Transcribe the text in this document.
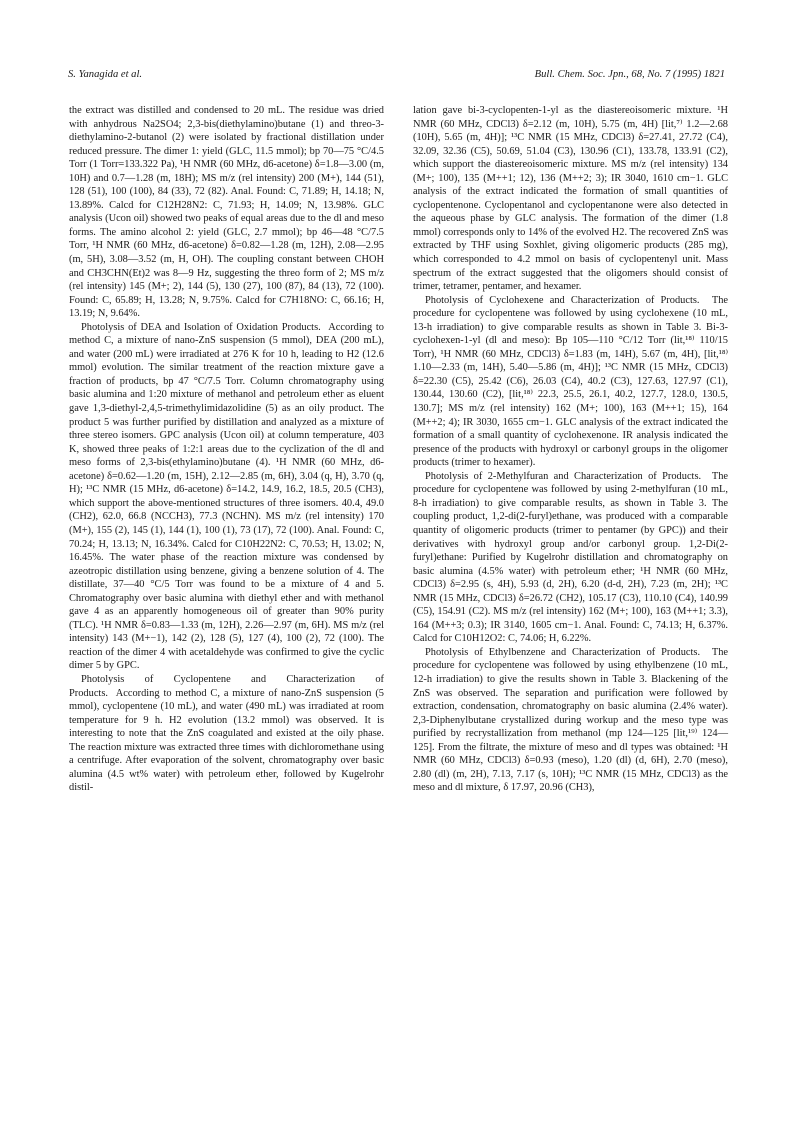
S. Yanagida et al.	Bull. Chem. Soc. Jpn., 68, No. 7 (1995) 1821

the extract was distilled and condensed to 20 mL. The residue was dried with anhydrous Na2SO4; 2,3-bis(diethylamino)butane (1) and threo-3-diethylamino-2-butanol (2) were isolated by fractional distillation under reduced pressure. The dimer 1: yield (GLC, 11.5 mmol); bp 70—75 °C/4.5 Torr (1 Torr=133.322 Pa), ¹H NMR (60 MHz, d6-acetone) δ=1.8—3.00 (m, 10H) and 0.7—1.28 (m, 18H); MS m/z (rel intensity) 200 (M+), 144 (51), 128 (51), 100 (100), 84 (33), 72 (82). Anal. Found: C, 71.89; H, 14.18; N, 13.89%. Calcd for C12H28N2: C, 71.93; H, 14.09; N, 13.98%. GLC analysis (Ucon oil) showed two peaks of equal areas due to the dl and meso forms. The amino alcohol 2: yield (GLC, 2.7 mmol); bp 46—48 °C/7.5 Torr, ¹H NMR (60 MHz, d6-acetone) δ=0.82—1.28 (m, 12H), 2.08—2.95 (m, 5H), 3.08—3.52 (m, H, OH). The coupling constant between CHOH and CH3CHN(Et)2 was 8—9 Hz, suggesting the threo form of 2; MS m/z (rel intensity) 145 (M+; 2), 144 (5), 130 (27), 100 (87), 84 (13), 72 (100). Found: C, 65.89; H, 13.28; N, 9.75%. Calcd for C7H18NO: C, 66.16; H, 13.19; N, 9.64%.

Photolysis of DEA and Isolation of Oxidation Products. According to method C, a mixture of nano-ZnS suspension (5 mmol), DEA (200 mL), and water (200 mL) were irradiated at 276 K for 10 h, leading to H2 (12.6 mmol) evolution. The similar treatment of the reaction mixture gave a fraction of products, bp 47 °C/7.5 Torr. Column chromatography using basic alumina and 1:20 mixture of methanol and petroleum ether as eluent gave 1,3-diethyl-2,4,5-trimethylimidazolidine (5) as an oily product. The product 5 was further purified by distillation and analyzed as a mixture of three stereo isomers. GPC analysis (Ucon oil) at column temperature, 403 K, showed three peaks of 1:2:1 areas due to the cyclization of the dl and meso forms of 2,3-bis(ethylamino)butane (4). ¹H NMR (60 MHz, d6-acetone) δ=0.62—1.20 (m, 15H), 2.12—2.85 (m, 6H), 3.04 (q, H), 3.70 (q, H); ¹³C NMR (15 MHz, d6-acetone) δ=14.2, 14.9, 16.2, 18.5, 20.5 (CH3), which support the above-mentioned structures of three isomers. 40.4, 49.0 (CH2), 62.0, 66.8 (NCCH3), 77.3 (NCHN). MS m/z (rel intensity) 170 (M+), 155 (2), 145 (1), 144 (1), 100 (1), 73 (17), 72 (100). Anal. Found: C, 70.24; H, 13.13; N, 16.34%. Calcd for C10H22N2: C, 70.53; H, 13.02; N, 16.45%. The water phase of the reaction mixture was condensed by azeotropic distillation using benzene, giving a benzene solution of 4. The distillate, 37—40 °C/5 Torr was found to be a mixture of 4 and 5. Chromatography over basic alumina with diethyl ether and with methanol gave 4 as an apparently homogeneous oil of greater than 90% purity (TLC). ¹H NMR δ=0.83—1.33 (m, 12H), 2.26—2.97 (m, 6H). MS m/z (rel intensity) 143 (M+−1), 142 (2), 128 (5), 127 (4), 100 (2), 72 (100). The reaction of the dimer 4 with acetaldehyde was confirmed to give the cyclic dimer 5 by GPC.

Photolysis of Cyclopentene and Characterization of Products. According to method C, a mixture of nano-ZnS suspension (5 mmol), cyclopentene (10 mL), and water (490 mL) was irradiated at room temperature for 9 h. H2 evolution (13.2 mmol) was observed. It is interesting to note that the ZnS coagulated and existed at the oily phase. The reaction mixture was extracted three times with dichloromethane using a centrifuge. After evaporation of the solvent, chromatography over basic alumina (4.5 wt% water) with petroleum ether, followed by Kugelrohr distil-

lation gave bi-3-cyclopenten-1-yl as the diastereoisomeric mixture. ¹H NMR (60 MHz, CDCl3) δ=2.12 (m, 10H), 5.75 (m, 4H) [lit,⁷⁾ 1.2—2.68 (10H), 5.65 (m, 4H)]; ¹³C NMR (15 MHz, CDCl3) δ=27.41, 27.72 (C4), 32.09, 32.36 (C5), 50.69, 51.04 (C3), 130.96 (C1), 133.78, 133.91 (C2), which support the diastereoisomeric mixture. MS m/z (rel intensity) 134 (M+; 100), 135 (M++1; 12), 136 (M++2; 3); IR 3040, 1610 cm−1. GLC analysis of the extract indicated the formation of small quantities of cyclopentenone. Cyclopentanol and cyclopentanone were also detected in the aqueous phase by GLC analysis. The formation of the dimer (1.8 mmol) corresponds only to 14% of the evolved H2. The recovered ZnS was extracted by THF using Soxhlet, giving oligomeric products (285 mg), which corresponded to 4.2 mmol on basis of cyclopentenyl unit. Mass spectrum of the extract suggested that the oligomers should consist of trimer, tetramer, pentamer, and hexamer.

Photolysis of Cyclohexene and Characterization of Products. The procedure for cyclopentene was followed by using cyclohexene (10 mL, 13-h irradiation) to give comparable results as shown in Table 3. Bi-3-cyclohexen-1-yl (dl and meso): Bp 105—110 °C/12 Torr (lit,¹⁸⁾ 110/15 Torr), ¹H NMR (60 MHz, CDCl3) δ=1.83 (m, 14H), 5.67 (m, 4H), [lit,¹⁸⁾ 1.10—2.33 (m, 14H), 5.40—5.86 (m, 4H)]; ¹³C NMR (15 MHz, CDCl3) δ=22.30 (C5), 25.42 (C6), 26.03 (C4), 40.2 (C3), 127.63, 127.97 (C1), 130.44, 130.60 (C2), [lit,¹⁸⁾ 22.3, 25.5, 26.1, 40.2, 127.7, 128.0, 130.5, 130.7]; MS m/z (rel intensity) 162 (M+; 100), 163 (M++1; 15), 164 (M++2; 4); IR 3030, 1655 cm−1. GLC analysis of the extract indicated the formation of a small quantity of cyclohexenone. IR analysis indicated the presence of the products with hydroxyl or carbonyl groups in the oligomer products (trimer to hexamer).

Photolysis of 2-Methylfuran and Characterization of Products. The procedure for cyclopentene was followed by using 2-methylfuran (10 mL, 8-h irradiation) to give comparable results, as shown in Table 3. The coupling product, 1,2-di(2-furyl)ethane, was produced with a comparable quantity of oligomeric products (trimer to pentamer (by GPC)) and their derivatives with hydroxyl group and/or carbonyl group. 1,2-Di(2-furyl)ethane: Purified by Kugelrohr distillation and chromatography on basic alumina (4.5% water) with petroleum ether; ¹H NMR (60 MHz, CDCl3) δ=2.95 (s, 4H), 5.93 (d, 2H), 6.20 (d-d, 2H), 7.23 (m, 2H); ¹³C NMR (15 MHz, CDCl3) δ=26.72 (CH2), 105.17 (C3), 110.10 (C4), 140.99 (C5), 154.91 (C2). MS m/z (rel intensity) 162 (M+; 100), 163 (M++1; 3.3), 164 (M++3; 0.3); IR 3140, 1605 cm−1. Anal. Found: C, 74.13; H, 6.37%. Calcd for C10H12O2: C, 74.06; H, 6.22%.

Photolysis of Ethylbenzene and Characterization of Products. The procedure for cyclopentene was followed by using ethylbenzene (10 mL, 12-h irradiation) to give the results shown in Table 3. Blackening of the ZnS was observed. The separation and purification were followed by extraction, condensation, chromatography on basic alumina (2.4% water). 2,3-Diphenylbutane crystallized during workup and the meso type was purified by recrystallization from methanol (mp 124—125 [lit,¹⁹⁾ 124—125]. From the filtrate, the mixture of meso and dl types was obtained: ¹H NMR (60 MHz, CDCl3) δ=0.93 (meso), 1.20 (dl) (d, 6H), 2.70 (meso), 2.80 (dl) (m, 2H), 7.13, 7.17 (s, 10H); ¹³C NMR (15 MHz, CDCl3) as the meso and dl mixture, δ 17.97, 20.96 (CH3),
